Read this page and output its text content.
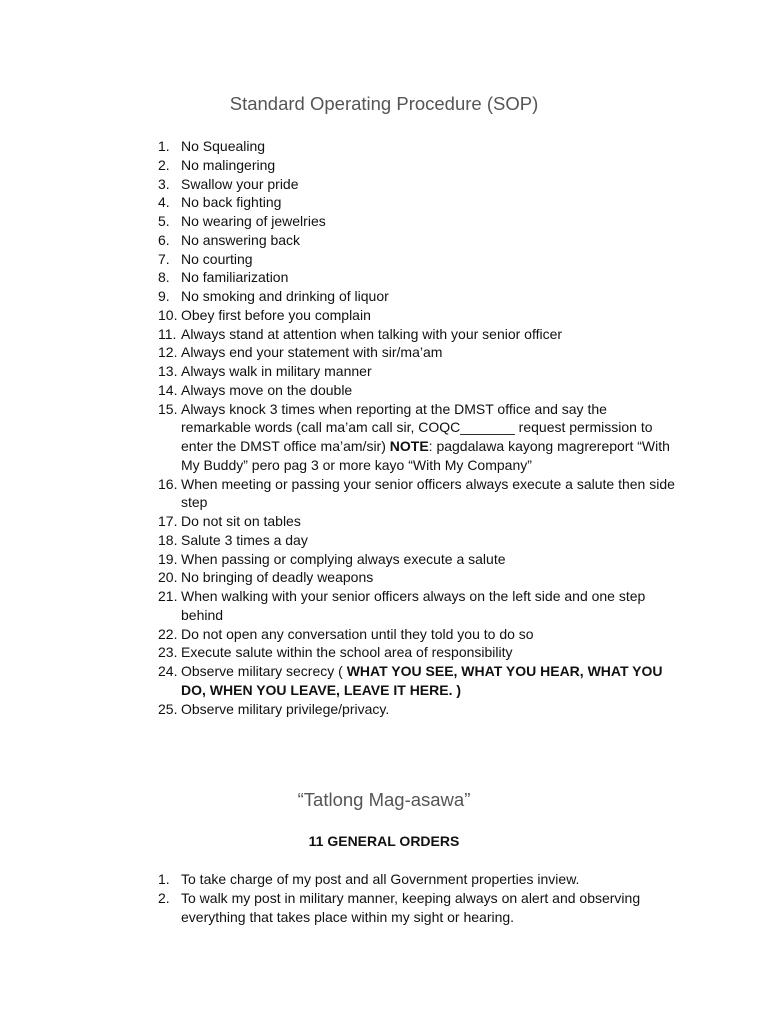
Standard Operating Procedure (SOP)
1. No Squealing
2. No malingering
3. Swallow your pride
4. No back fighting
5. No wearing of jewelries
6. No answering back
7. No courting
8. No familiarization
9. No smoking and drinking of liquor
10. Obey first before you complain
11. Always stand at attention when talking with your senior officer
12. Always end your statement with sir/ma’am
13. Always walk in military manner
14. Always move on the double
15. Always knock 3 times when reporting at the DMST office and say the remarkable words (call ma’am call sir, COQC_______ request permission to enter the DMST office ma’am/sir) NOTE: pagdalawa kayong magrereport “With My Buddy” pero pag 3 or more kayo “With My Company”
16. When meeting or passing your senior officers always execute a salute then side step
17. Do not sit on tables
18. Salute 3 times a day
19. When passing or complying always execute a salute
20. No bringing of deadly weapons
21. When walking with your senior officers always on the left side and one step behind
22. Do not open any conversation until they told you to do so
23. Execute salute within the school area of responsibility
24. Observe military secrecy ( WHAT YOU SEE, WHAT YOU HEAR, WHAT YOU DO, WHEN YOU LEAVE, LEAVE IT HERE. )
25. Observe military privilege/privacy.
“Tatlong Mag-asawa”
11 GENERAL ORDERS
1. To take charge of my post and all Government properties inview.
2. To walk my post in military manner, keeping always on alert and observing everything that takes place within my sight or hearing.
